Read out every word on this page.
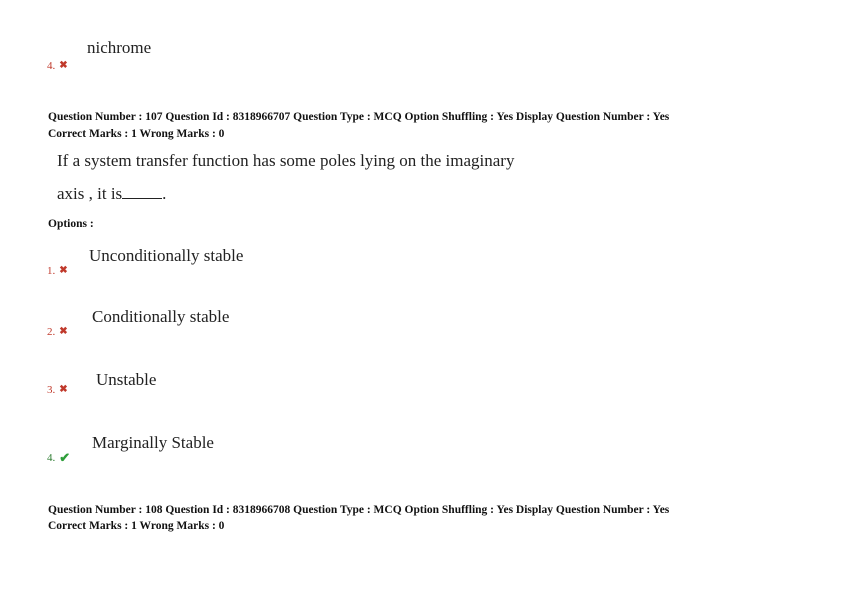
nichrome
4. ✖
Question Number : 107 Question Id : 8318966707 Question Type : MCQ Option Shuffling : Yes Display Question Number : Yes
Correct Marks : 1 Wrong Marks : 0
If a system transfer function has some poles lying on the imaginary
axis , it is .
Options :
Unconditionally stable
1. ✖
Conditionally stable
2. ✖
Unstable
3. ✖
Marginally Stable
4. ✔
Question Number : 108 Question Id : 8318966708 Question Type : MCQ Option Shuffling : Yes Display Question Number : Yes
Correct Marks : 1 Wrong Marks : 0
